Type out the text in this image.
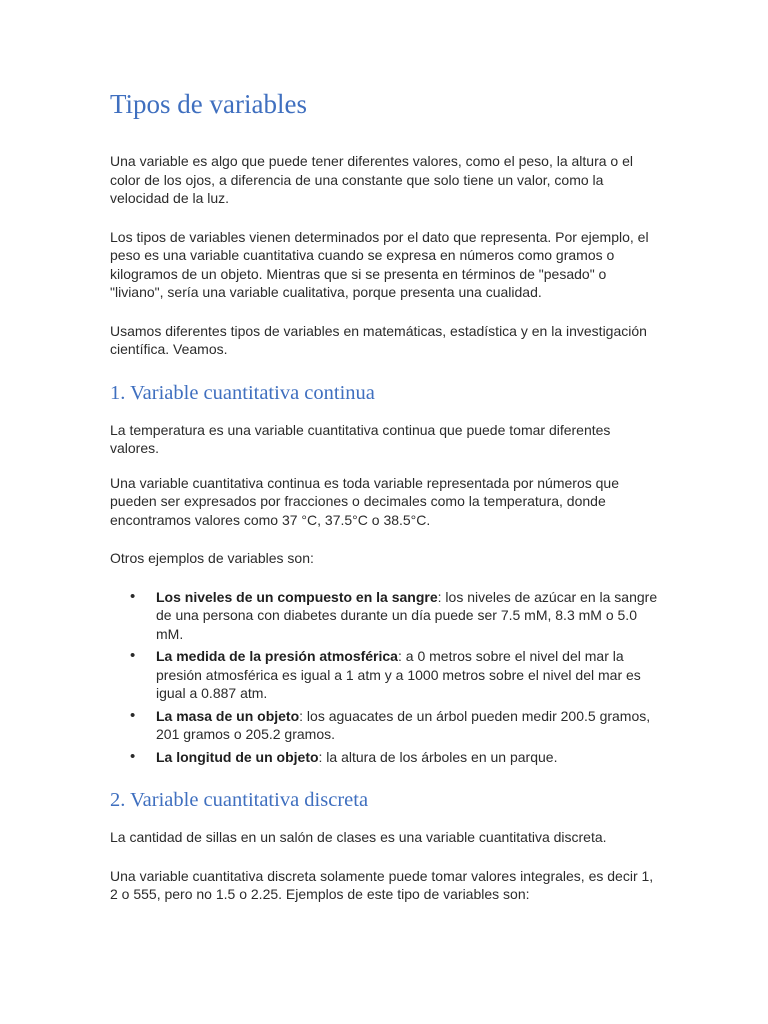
Tipos de variables

Una variable es algo que puede tener diferentes valores, como el peso, la altura o el color de los ojos, a diferencia de una constante que solo tiene un valor, como la velocidad de la luz.

Los tipos de variables vienen determinados por el dato que representa. Por ejemplo, el peso es una variable cuantitativa cuando se expresa en números como gramos o kilogramos de un objeto. Mientras que si se presenta en términos de "pesado" o "liviano", sería una variable cualitativa, porque presenta una cualidad.

Usamos diferentes tipos de variables en matemáticas, estadística y en la investigación científica. Veamos.

1. Variable cuantitativa continua

La temperatura es una variable cuantitativa continua que puede tomar diferentes valores.

Una variable cuantitativa continua es toda variable representada por números que pueden ser expresados por fracciones o decimales como la temperatura, donde encontramos valores como 37 °C, 37.5°C o 38.5°C.

Otros ejemplos de variables son:

• Los niveles de un compuesto en la sangre: los niveles de azúcar en la sangre de una persona con diabetes durante un día puede ser 7.5 mM, 8.3 mM o 5.0 mM.
• La medida de la presión atmosférica: a 0 metros sobre el nivel del mar la presión atmosférica es igual a 1 atm y a 1000 metros sobre el nivel del mar es igual a 0.887 atm.
• La masa de un objeto: los aguacates de un árbol pueden medir 200.5 gramos, 201 gramos o 205.2 gramos.
• La longitud de un objeto: la altura de los árboles en un parque.
2. Variable cuantitativa discreta

La cantidad de sillas en un salón de clases es una variable cuantitativa discreta.

Una variable cuantitativa discreta solamente puede tomar valores integrales, es decir 1, 2 o 555, pero no 1.5 o 2.25. Ejemplos de este tipo de variables son:
